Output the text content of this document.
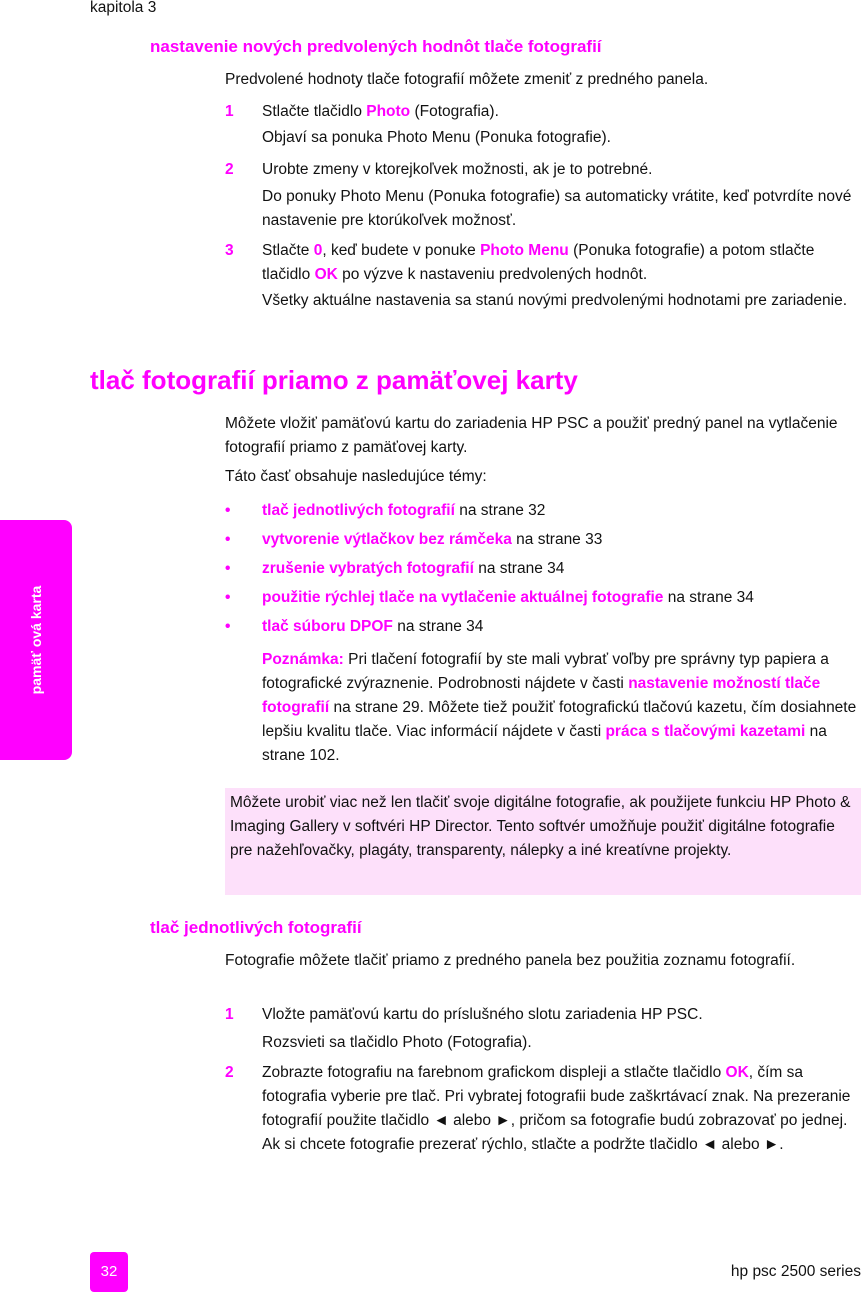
kapitola 3
pamäť ová karta
nastavenie nových predvolených hodnôt tlače fotografií
Predvolené hodnoty tlače fotografií môžete zmeniť z predného panela.
1 Stlačte tlačidlo Photo (Fotografia).
Objaví sa ponuka Photo Menu (Ponuka fotografie).
2 Urobte zmeny v ktorejkoľvek možnosti, ak je to potrebné.
Do ponuky Photo Menu (Ponuka fotografie) sa automaticky vrátite, keď potvrdíte nové nastavenie pre ktorúkoľvek možnosť.
3 Stlačte 0, keď budete v ponuke Photo Menu (Ponuka fotografie) a potom stlačte tlačidlo OK po výzve k nastaveniu predvolených hodnôt.
Všetky aktuálne nastavenia sa stanú novými predvolenými hodnotami pre zariadenie.
tlač fotografií priamo z pamäťovej karty
Môžete vložiť pamäťovú kartu do zariadenia HP PSC a použiť predný panel na vytlačenie fotografií priamo z pamäťovej karty.
Táto časť obsahuje nasledujúce témy:
• tlač jednotlivých fotografií na strane 32
• vytvorenie výtlačkov bez rámčeka na strane 33
• zrušenie vybratých fotografií na strane 34
• použitie rýchlej tlače na vytlačenie aktuálnej fotografie na strane 34
• tlač súboru DPOF na strane 34
Poznámka: Pri tlačení fotografií by ste mali vybrať voľby pre správny typ papiera a fotografické zvýraznenie. Podrobnosti nájdete v časti nastavenie možností tlače fotografií na strane 29. Môžete tiež použiť fotografickú tlačovú kazetu, čím dosiahnete lepšiu kvalitu tlače. Viac informácií nájdete v časti práca s tlačovými kazetami na strane 102.
Môžete urobiť viac než len tlačiť svoje digitálne fotografie, ak použijete funkciu HP Photo & Imaging Gallery v softvéri HP Director. Tento softvér umožňuje použiť digitálne fotografie pre nažehľovačky, plagáty, transparenty, nálepky a iné kreatívne projekty.
tlač jednotlivých fotografií
Fotografie môžete tlačiť priamo z predného panela bez použitia zoznamu fotografií.
1 Vložte pamäťovú kartu do príslušného slotu zariadenia HP PSC.
Rozsvieti sa tlačidlo Photo (Fotografia).
2 Zobrazte fotografiu na farebnom grafickom displeji a stlačte tlačidlo OK, čím sa fotografia vyberie pre tlač. Pri vybratej fotografii bude zaškrtávací znak. Na prezeranie fotografií použite tlačidlo ◄ alebo ►, pričom sa fotografie budú zobrazovať po jednej. Ak si chcete fotografie prezerať rýchlo, stlačte a podržte tlačidlo ◄ alebo ►.
32	hp psc 2500 series
